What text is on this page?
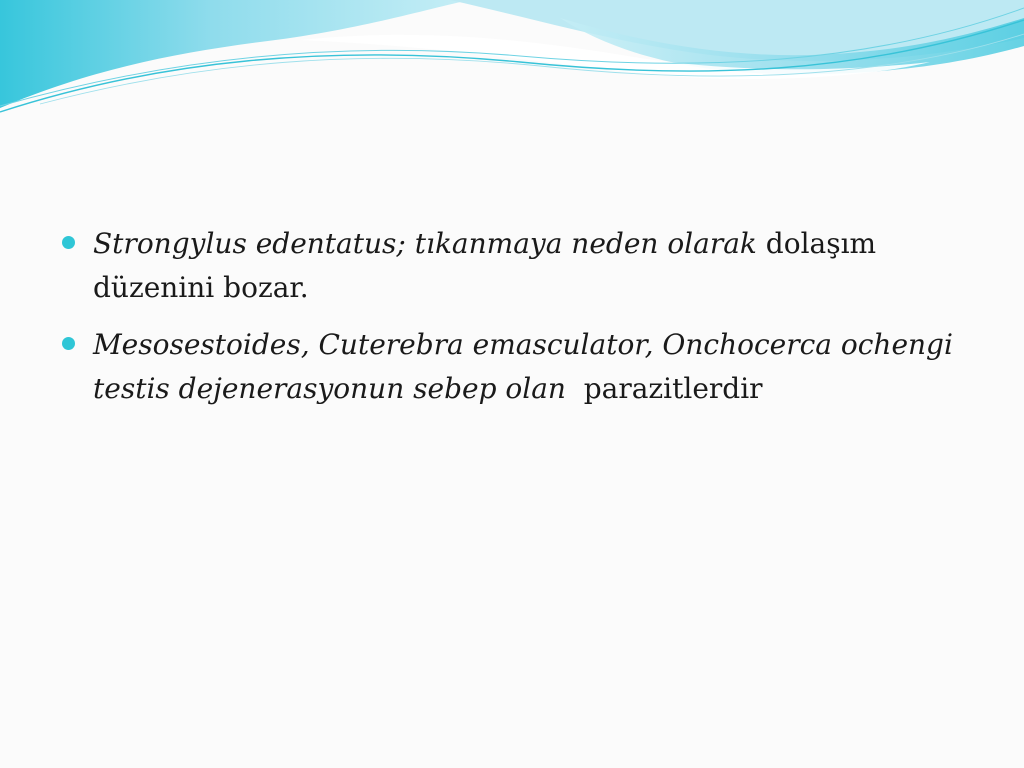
Strongylus edentatus; tıkanmaya neden olarak dolaşım düzenini bozar.
Mesosestoides, Cuterebra emasculator, Onchocerca ochengi testis dejenerasyonun sebep olan  parazitlerdir
